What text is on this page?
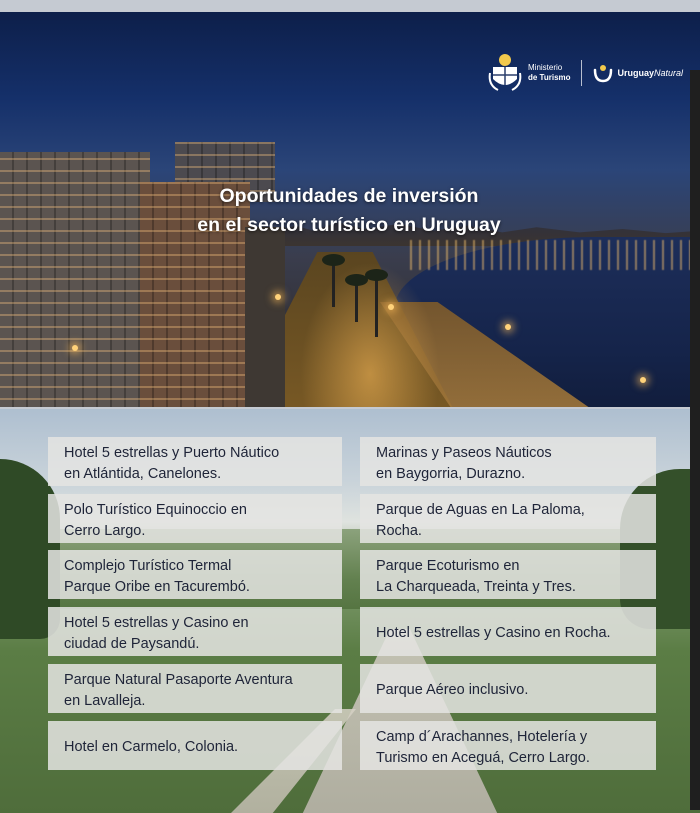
Ministerio
de Turismo	UruguayNatural
Oportunidades de inversión
en el sector turístico en Uruguay
Hotel 5 estrellas y Puerto Náutico
en Atlántida, Canelones.
Polo Turístico Equinoccio en
Cerro Largo.
Complejo Turístico Termal
Parque Oribe en Tacurembó.
Hotel 5 estrellas y Casino en
ciudad de Paysandú.
Parque Natural Pasaporte Aventura
en Lavalleja.
Hotel en Carmelo, Colonia.
Marinas y Paseos Náuticos
en Baygorria, Durazno.
Parque de Aguas en La Paloma,
Rocha.
Parque Ecoturismo en
La Charqueada, Treinta y Tres.
Hotel 5 estrellas y Casino en Rocha.
Parque Aéreo inclusivo.
Camp d´Arachannes, Hotelería y
Turismo en Aceguá, Cerro Largo.
